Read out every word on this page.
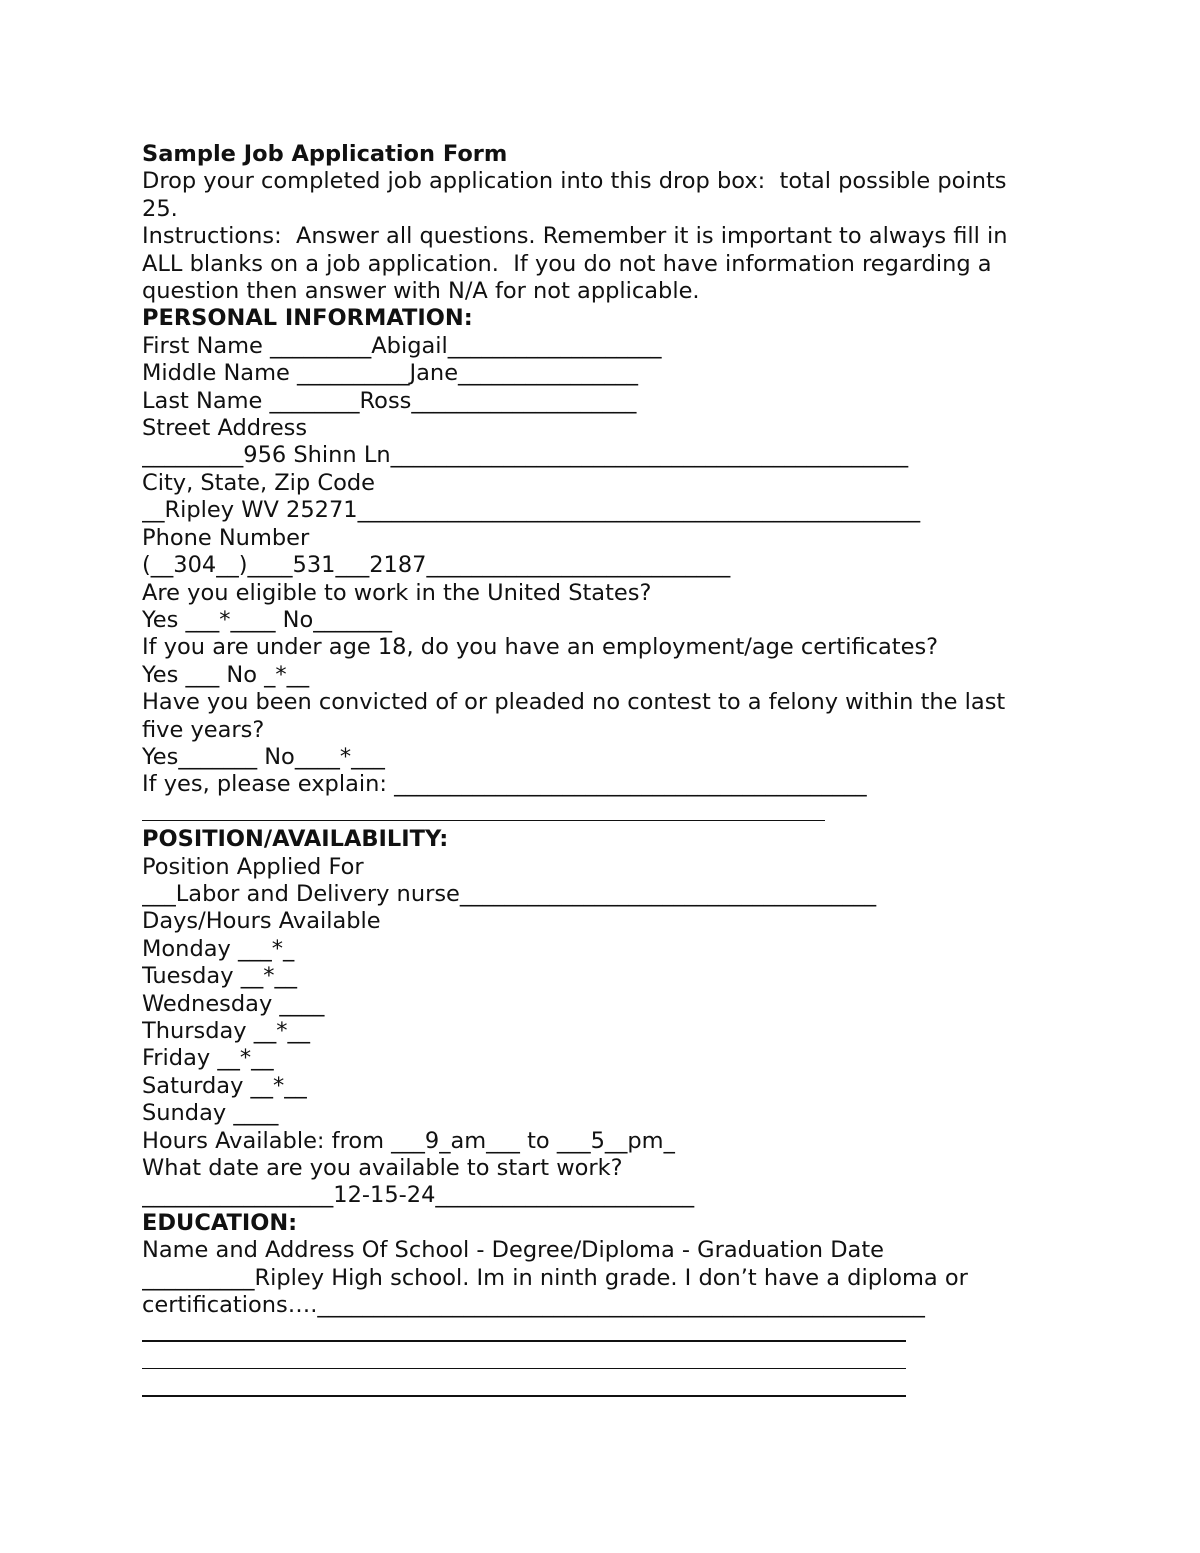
Sample Job Application Form
Drop your completed job application into this drop box:  total possible points
25.
Instructions:  Answer all questions. Remember it is important to always fill in
ALL blanks on a job application.  If you do not have information regarding a
question then answer with N/A for not applicable.
PERSONAL INFORMATION:
First Name _________Abigail___________________
Middle Name __________Jane________________
Last Name ________Ross____________________
Street Address
_________956 Shinn Ln______________________________________________
City, State, Zip Code
__Ripley WV 25271__________________________________________________
Phone Number
(__304__)____531___2187___________________________
Are you eligible to work in the United States?
Yes ___*____ No_______
If you are under age 18, do you have an employment/age certificates?
Yes ___ No _*__
Have you been convicted of or pleaded no contest to a felony within the last
five years?
Yes_______ No____*___
If yes, please explain: __________________________________________
POSITION/AVAILABILITY:
Position Applied For
___Labor and Delivery nurse_____________________________________
Days/Hours Available
Monday ___*_
Tuesday __*__
Wednesday ____
Thursday __*__
Friday __*__
Saturday __*__
Sunday ____
Hours Available: from ___9_am___ to ___5__pm_
What date are you available to start work?
_________________12-15-24_______________________
EDUCATION:
Name and Address Of School - Degree/Diploma - Graduation Date
__________Ripley High school. Im in ninth grade. I don’t have a diploma or
certifications….______________________________________________________
